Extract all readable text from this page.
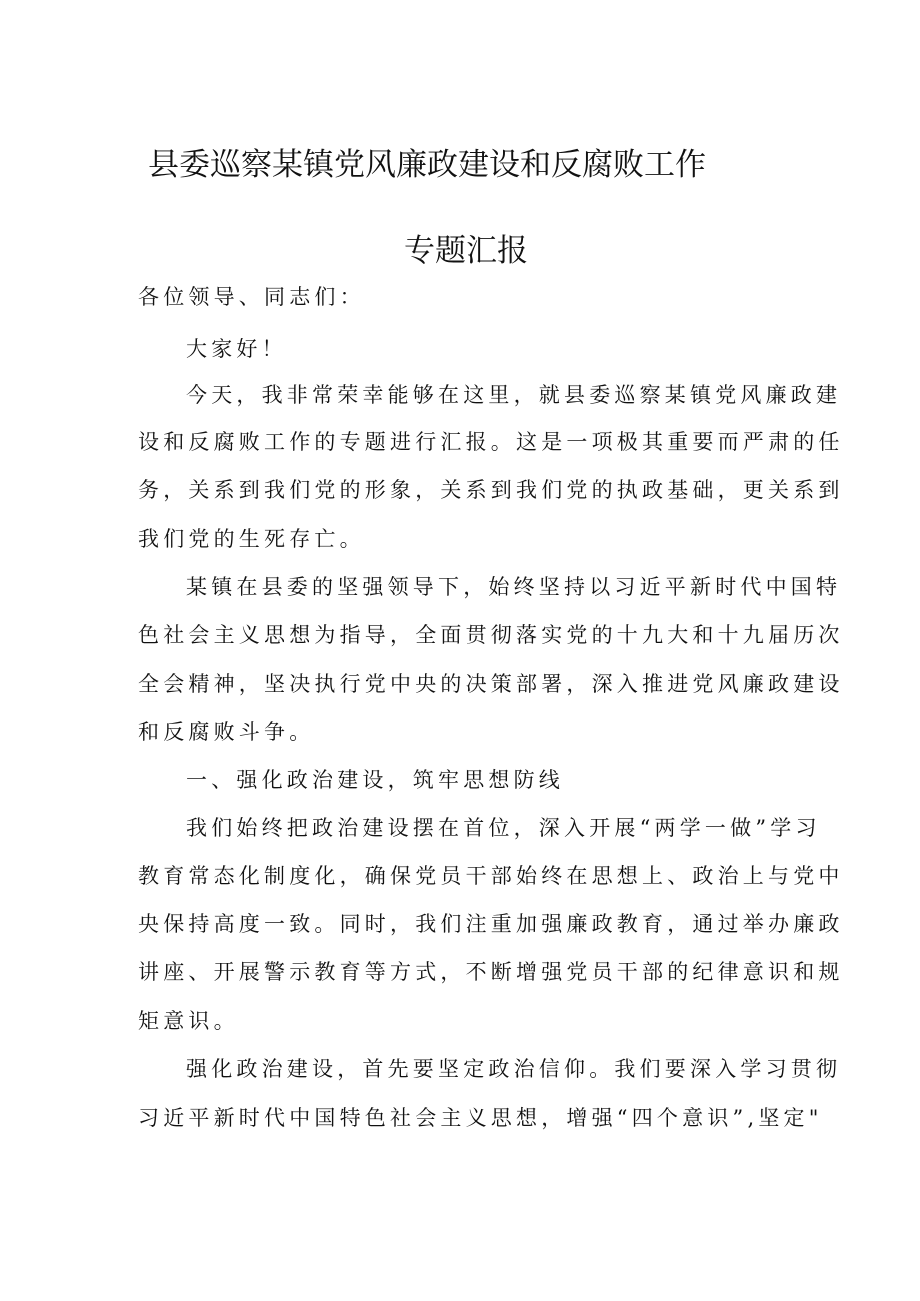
县委巡察某镇党风廉政建设和反腐败工作
专题汇报

各位领导、同志们：

大家好！

今天，我非常荣幸能够在这里，就县委巡察某镇党风廉政建

设和反腐败工作的专题进行汇报。这是一项极其重要而严肃的任

务，关系到我们党的形象，关系到我们党的执政基础，更关系到

我们党的生死存亡。

某镇在县委的坚强领导下，始终坚持以习近平新时代中国特

色社会主义思想为指导，全面贯彻落实党的十九大和十九届历次

全会精神，坚决执行党中央的决策部署，深入推进党风廉政建设

和反腐败斗争。

一、强化政治建设，筑牢思想防线

我们始终把政治建设摆在首位，深入开展“两学一做”学习

教育常态化制度化，确保党员干部始终在思想上、政治上与党中

央保持高度一致。同时，我们注重加强廉政教育，通过举办廉政

讲座、开展警示教育等方式，不断增强党员干部的纪律意识和规

矩意识。

强化政治建设，首先要坚定政治信仰。我们要深入学习贯彻

习近平新时代中国特色社会主义思想，增强“四个意识”,坚定"
